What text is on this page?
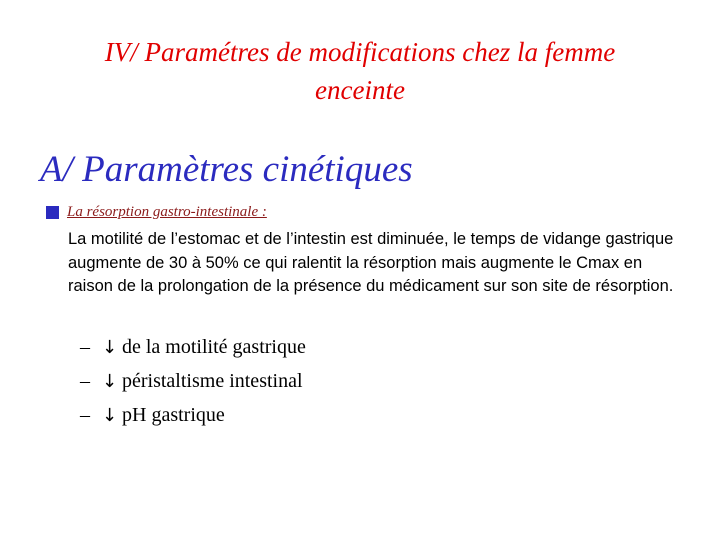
IV/ Paramétres de modifications chez la femme
enceinte
A/ Paramètres cinétiques
La résorption gastro-intestinale :

La motilité de l’estomac et de l’intestin est diminuée, le temps de vidange gastrique augmente de 30 à 50% ce qui ralentit la résorption mais augmente le Cmax en raison de la prolongation de la présence du médicament sur son site de résorption.

– ↓ de la motilité gastrique
– ↓ péristaltisme intestinal
– ↓ pH gastrique
